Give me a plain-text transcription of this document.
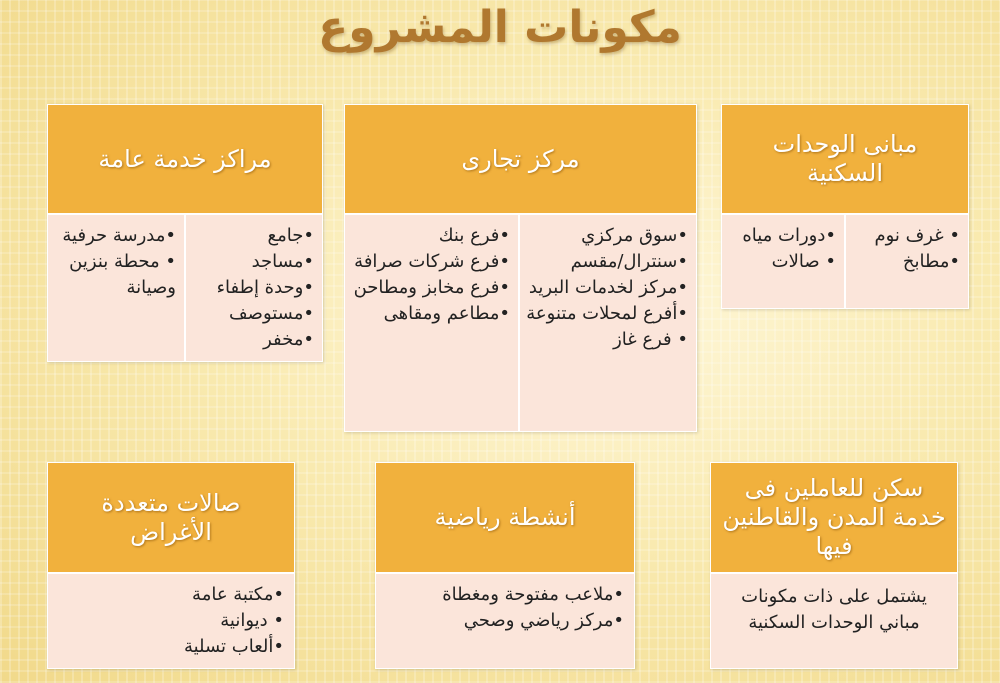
مكونات المشروع
مبانى الوحدات السكنية
• غرف نوم
•مطابخ
•دورات مياه
• صالات
مركز تجارى
•سوق مركزي
•سنترال/مقسم
•مركز لخدمات البريد
•أفرع لمحلات متنوعة
• فرع غاز
•فرع بنك
•فرع شركات صرافة
•فرع مخابز ومطاحن
•مطاعم ومقاهى
مراكز خدمة عامة
•جامع
•مساجد
•وحدة إطفاء
•مستوصف
•مخفر
•مدرسة حرفية
• محطة بنزين وصيانة
سكن للعاملين فى خدمة المدن والقاطنين فيها
يشتمل على ذات مكونات مباني الوحدات السكنية
أنشطة رياضية
•ملاعب مفتوحة ومغطاة
•مركز رياضي وصحي
صالات متعددة الأغراض
•مكتبة عامة
• ديوانية
•ألعاب تسلية
